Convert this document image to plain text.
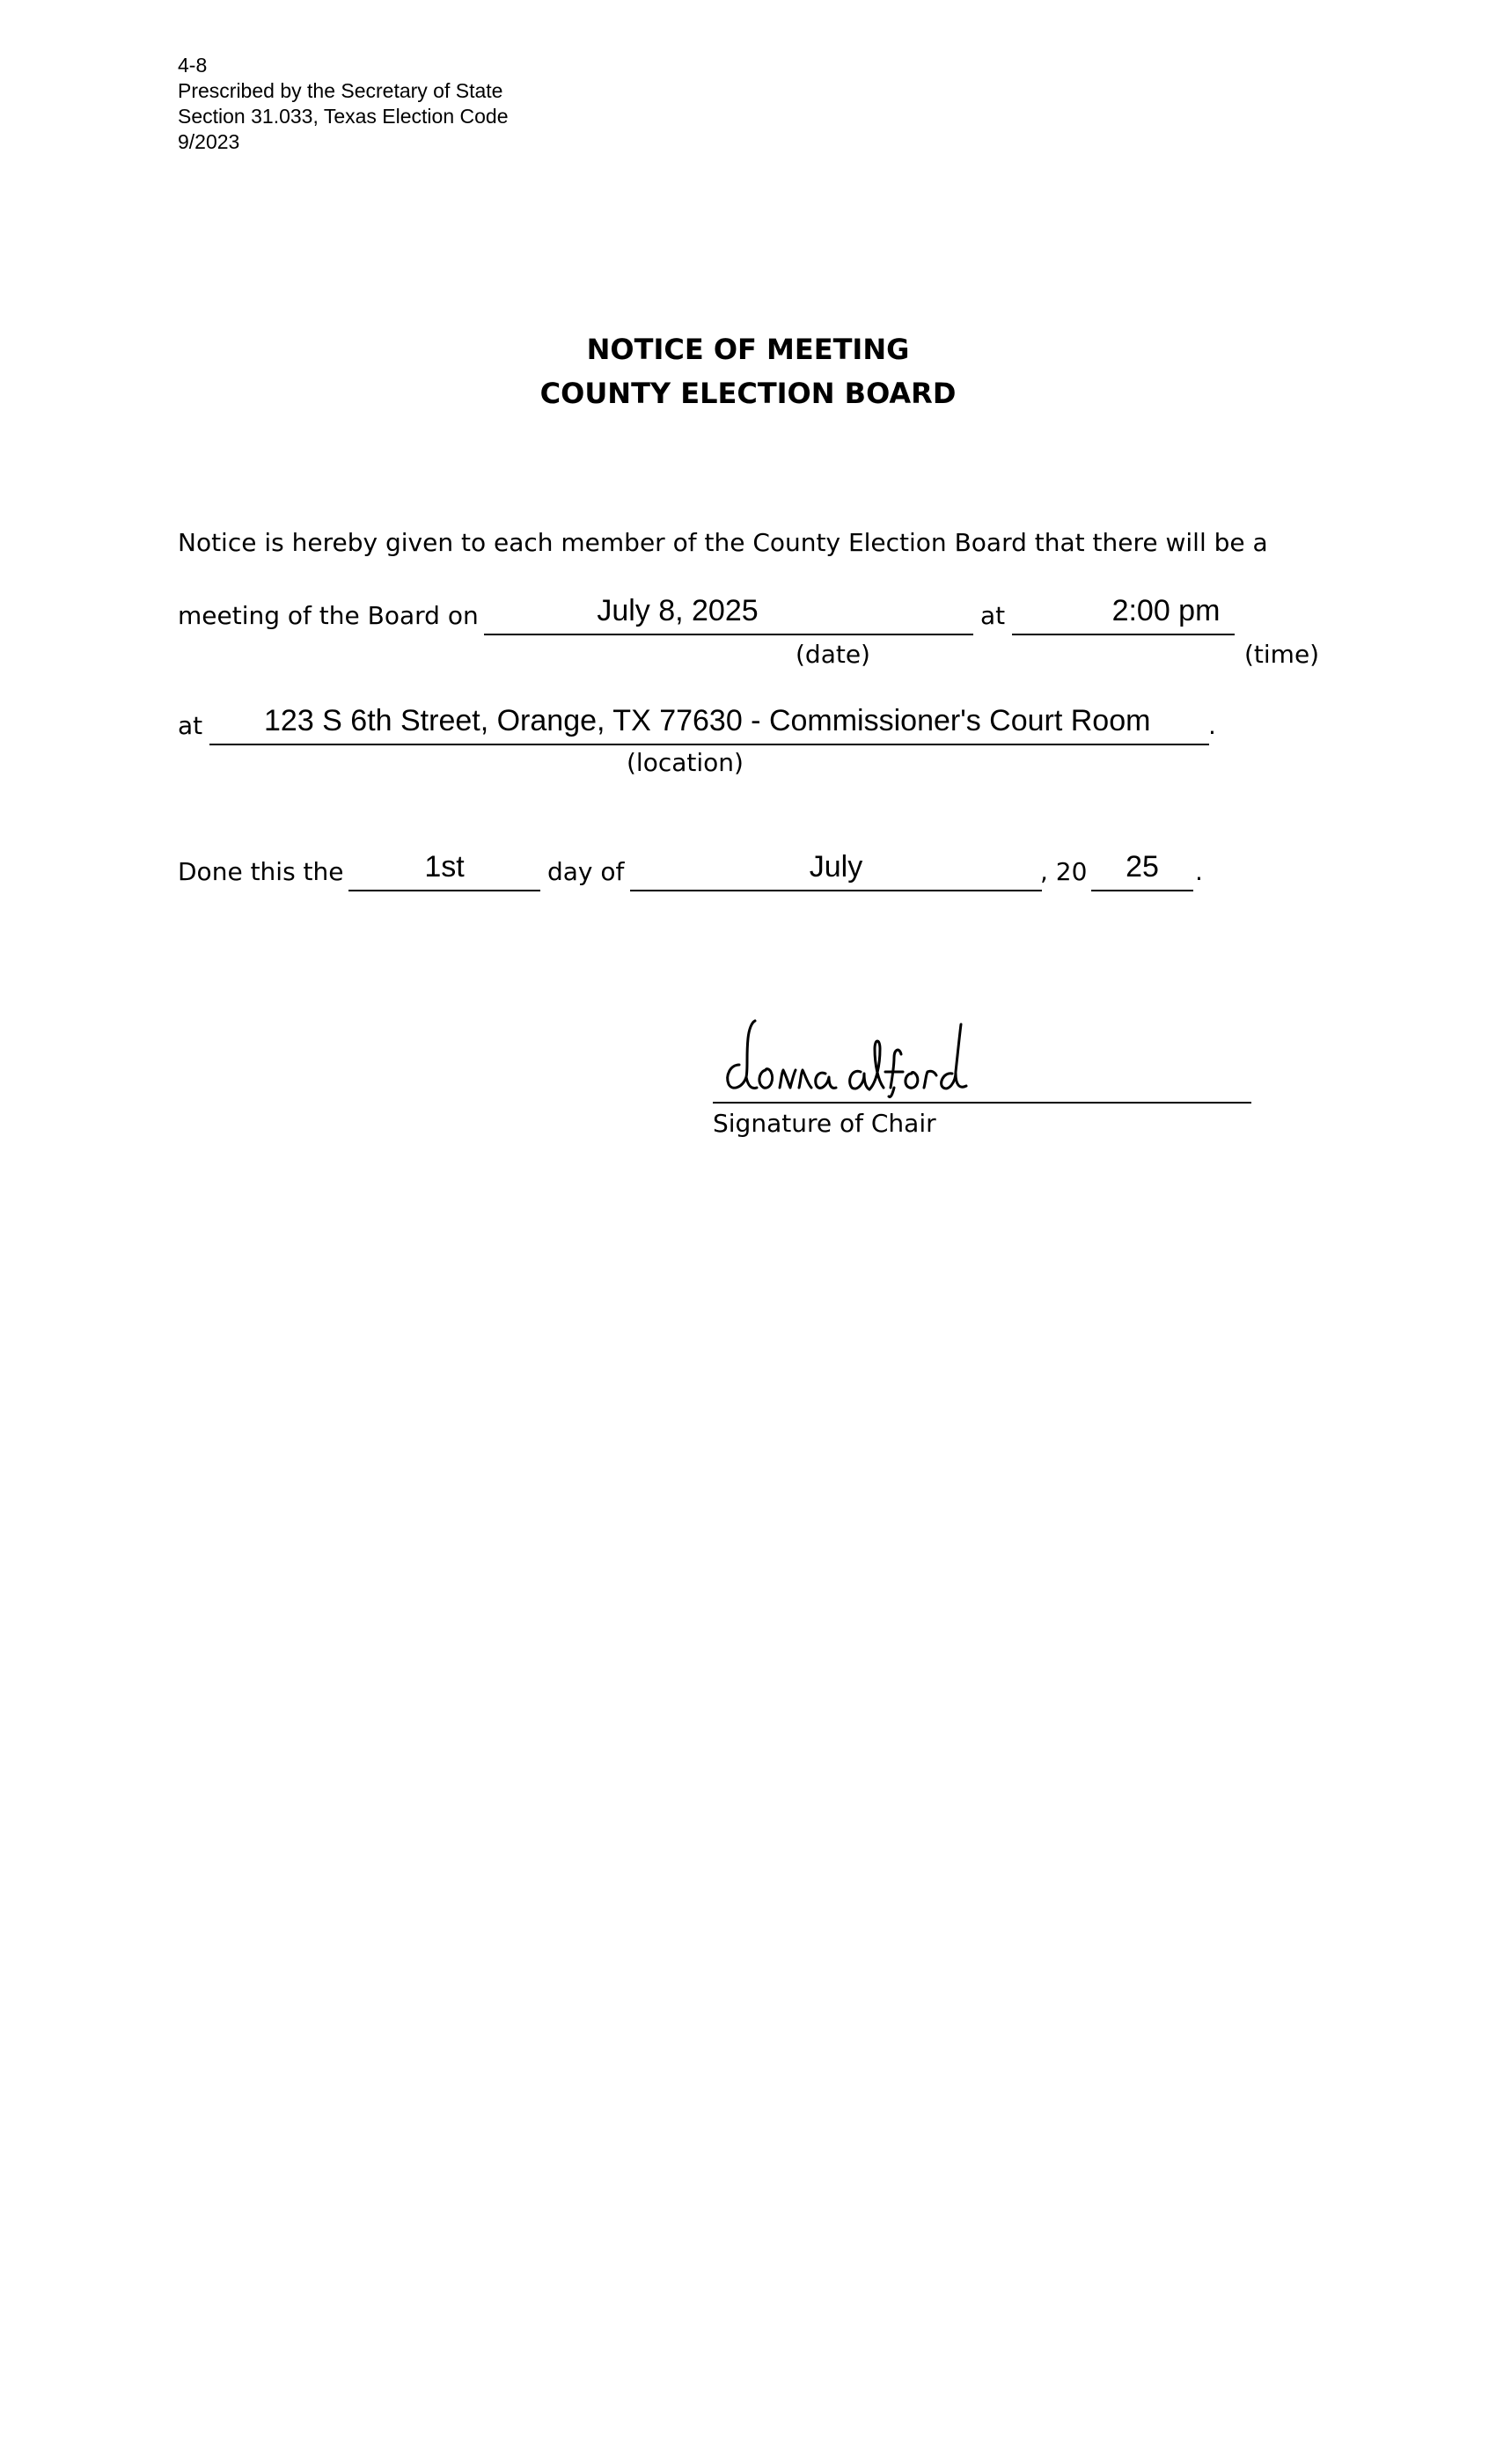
4-8
Prescribed by the Secretary of State
Section 31.033, Texas Election Code
9/2023
NOTICE OF MEETING
COUNTY ELECTION BOARD
Notice is hereby given to each member of the County Election Board that there will be a
meeting of the Board on	July 8, 2025	at	2:00 pm
(date)	(time)
at 123 S 6th Street, Orange, TX 77630 - Commissioner's Court Room .
(location)
Done this the	1st	day of	July	, 20	25	.
Signature of Chair
